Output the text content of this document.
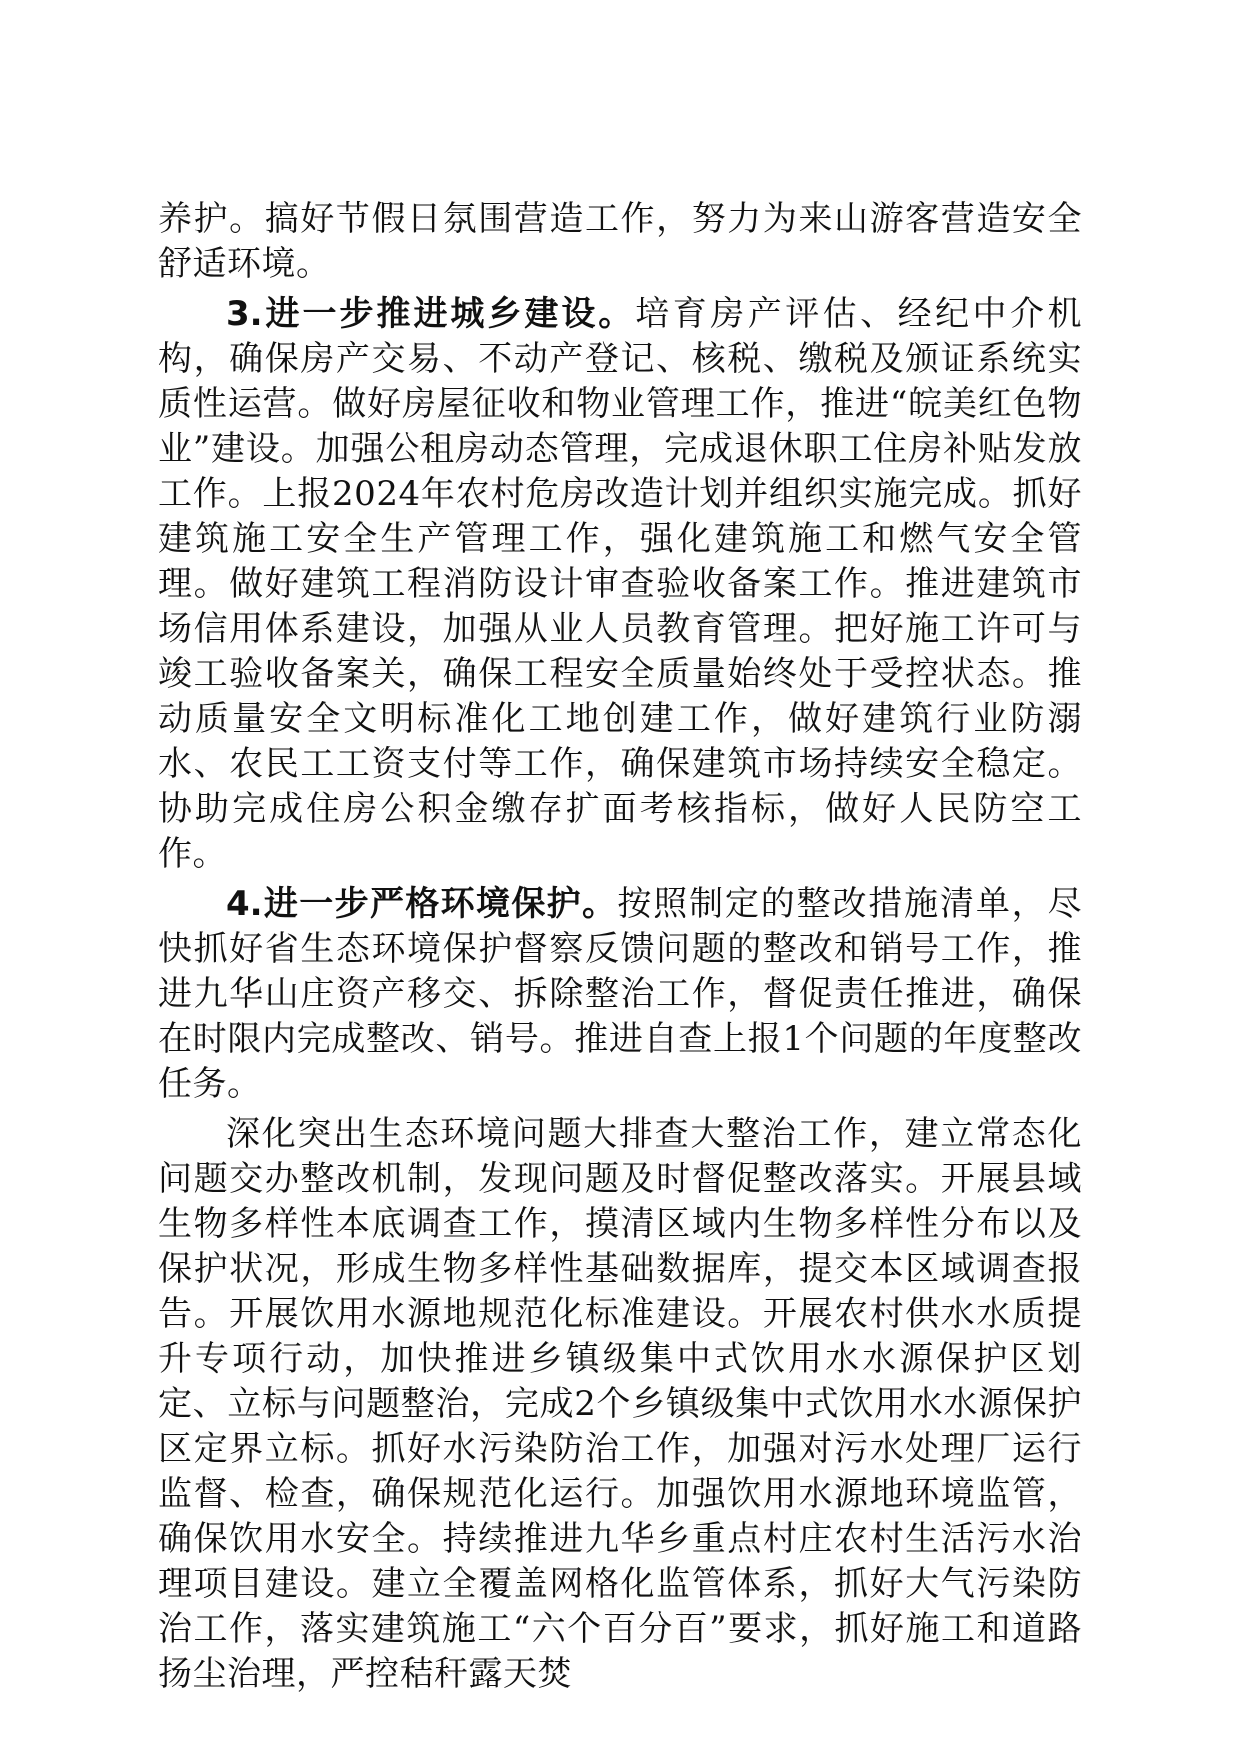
养护。搞好节假日氛围营造工作，努力为来山游客营造安全舒适环境。

3.进一步推进城乡建设。培育房产评估、经纪中介机构，确保房产交易、不动产登记、核税、缴税及颁证系统实质性运营。做好房屋征收和物业管理工作，推进“皖美红色物业”建设。加强公租房动态管理，完成退休职工住房补贴发放工作。上报2024年农村危房改造计划并组织实施完成。抓好建筑施工安全生产管理工作，强化建筑施工和燃气安全管理。做好建筑工程消防设计审查验收备案工作。推进建筑市场信用体系建设，加强从业人员教育管理。把好施工许可与竣工验收备案关，确保工程安全质量始终处于受控状态。推动质量安全文明标准化工地创建工作，做好建筑行业防溺水、农民工工资支付等工作，确保建筑市场持续安全稳定。协助完成住房公积金缴存扩面考核指标，做好人民防空工作。

4.进一步严格环境保护。按照制定的整改措施清单，尽快抓好省生态环境保护督察反馈问题的整改和销号工作，推进九华山庄资产移交、拆除整治工作，督促责任推进，确保在时限内完成整改、销号。推进自查上报1个问题的年度整改任务。

深化突出生态环境问题大排查大整治工作，建立常态化问题交办整改机制，发现问题及时督促整改落实。开展县域生物多样性本底调查工作，摸清区域内生物多样性分布以及保护状况，形成生物多样性基础数据库，提交本区域调查报告。开展饮用水源地规范化标准建设。开展农村供水水质提升专项行动，加快推进乡镇级集中式饮用水水源保护区划定、立标与问题整治，完成2个乡镇级集中式饮用水水源保护区定界立标。抓好水污染防治工作，加强对污水处理厂运行监督、检查，确保规范化运行。加强饮用水源地环境监管，确保饮用水安全。持续推进九华乡重点村庄农村生活污水治理项目建设。建立全覆盖网格化监管体系，抓好大气污染防治工作，落实建筑施工“六个百分百”要求，抓好施工和道路扬尘治理，严控秸秆露天焚
